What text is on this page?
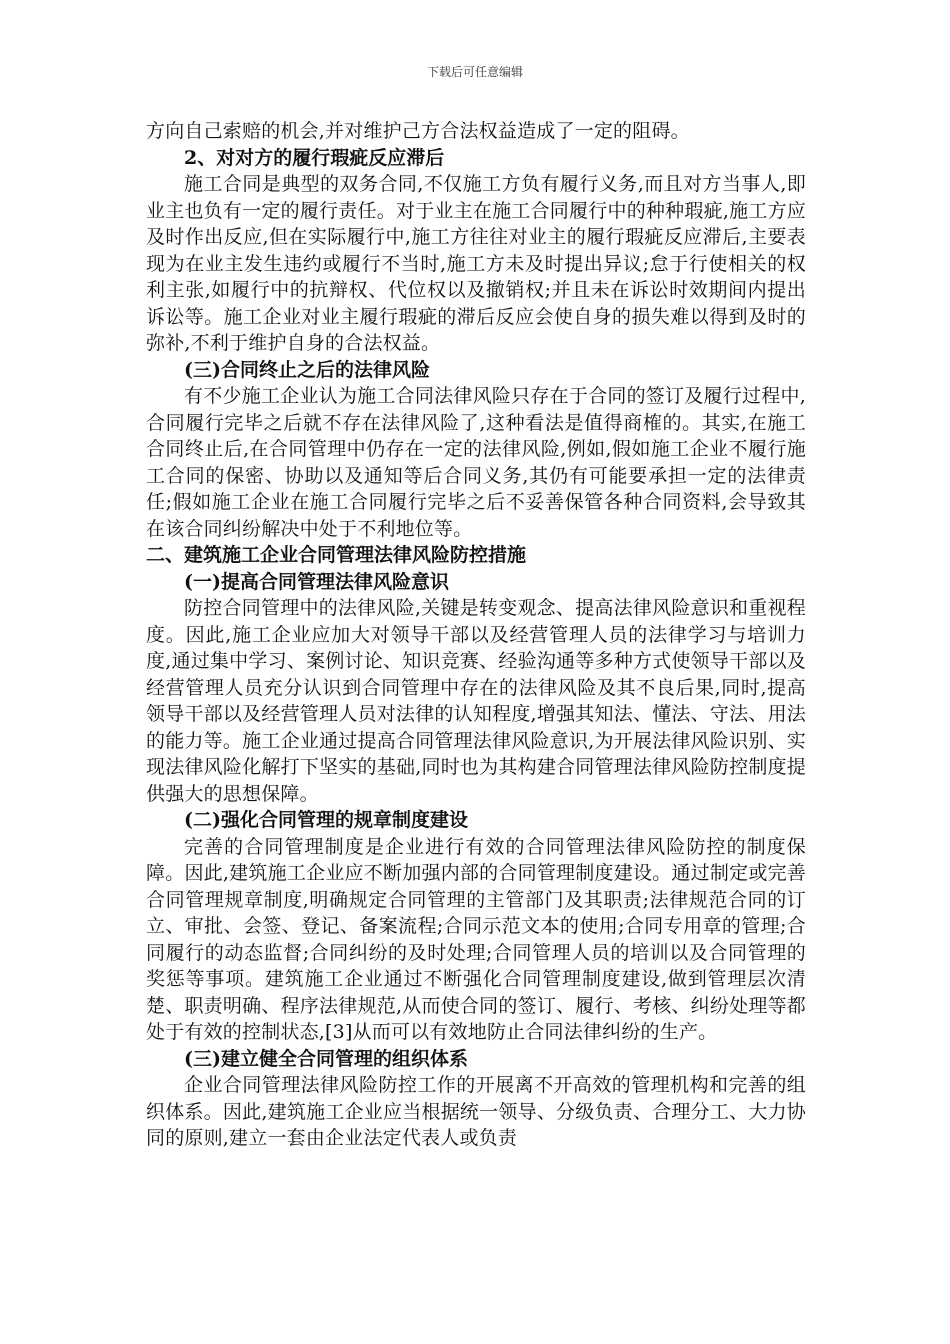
下载后可任意编辑

方向自己索赔的机会,并对维护己方合法权益造成了一定的阻碍。

2、对对方的履行瑕疵反应滞后

施工合同是典型的双务合同,不仅施工方负有履行义务,而且对方当事人,即业主也负有一定的履行责任。对于业主在施工合同履行中的种种瑕疵,施工方应及时作出反应,但在实际履行中,施工方往往对业主的履行瑕疵反应滞后,主要表现为在业主发生违约或履行不当时,施工方未及时提出异议;怠于行使相关的权利主张,如履行中的抗辩权、代位权以及撤销权;并且未在诉讼时效期间内提出诉讼等。施工企业对业主履行瑕疵的滞后反应会使自身的损失难以得到及时的弥补,不利于维护自身的合法权益。

(三)合同终止之后的法律风险

有不少施工企业认为施工合同法律风险只存在于合同的签订及履行过程中,合同履行完毕之后就不存在法律风险了,这种看法是值得商榷的。其实,在施工合同终止后,在合同管理中仍存在一定的法律风险,例如,假如施工企业不履行施工合同的保密、协助以及通知等后合同义务,其仍有可能要承担一定的法律责任;假如施工企业在施工合同履行完毕之后不妥善保管各种合同资料,会导致其在该合同纠纷解决中处于不利地位等。

二、建筑施工企业合同管理法律风险防控措施

(一)提高合同管理法律风险意识

防控合同管理中的法律风险,关键是转变观念、提高法律风险意识和重视程度。因此,施工企业应加大对领导干部以及经营管理人员的法律学习与培训力度,通过集中学习、案例讨论、知识竞赛、经验沟通等多种方式使领导干部以及经营管理人员充分认识到合同管理中存在的法律风险及其不良后果,同时,提高领导干部以及经营管理人员对法律的认知程度,增强其知法、懂法、守法、用法的能力等。施工企业通过提高合同管理法律风险意识,为开展法律风险识别、实现法律风险化解打下坚实的基础,同时也为其构建合同管理法律风险防控制度提供强大的思想保障。

(二)强化合同管理的规章制度建设

完善的合同管理制度是企业进行有效的合同管理法律风险防控的制度保障。因此,建筑施工企业应不断加强内部的合同管理制度建设。通过制定或完善合同管理规章制度,明确规定合同管理的主管部门及其职责;法律规范合同的订立、审批、会签、登记、备案流程;合同示范文本的使用;合同专用章的管理;合同履行的动态监督;合同纠纷的及时处理;合同管理人员的培训以及合同管理的奖惩等事项。建筑施工企业通过不断强化合同管理制度建设,做到管理层次清楚、职责明确、程序法律规范,从而使合同的签订、履行、考核、纠纷处理等都处于有效的控制状态,[3]从而可以有效地防止合同法律纠纷的生产。

(三)建立健全合同管理的组织体系

企业合同管理法律风险防控工作的开展离不开高效的管理机构和完善的组织体系。因此,建筑施工企业应当根据统一领导、分级负责、合理分工、大力协同的原则,建立一套由企业法定代表人或负责
